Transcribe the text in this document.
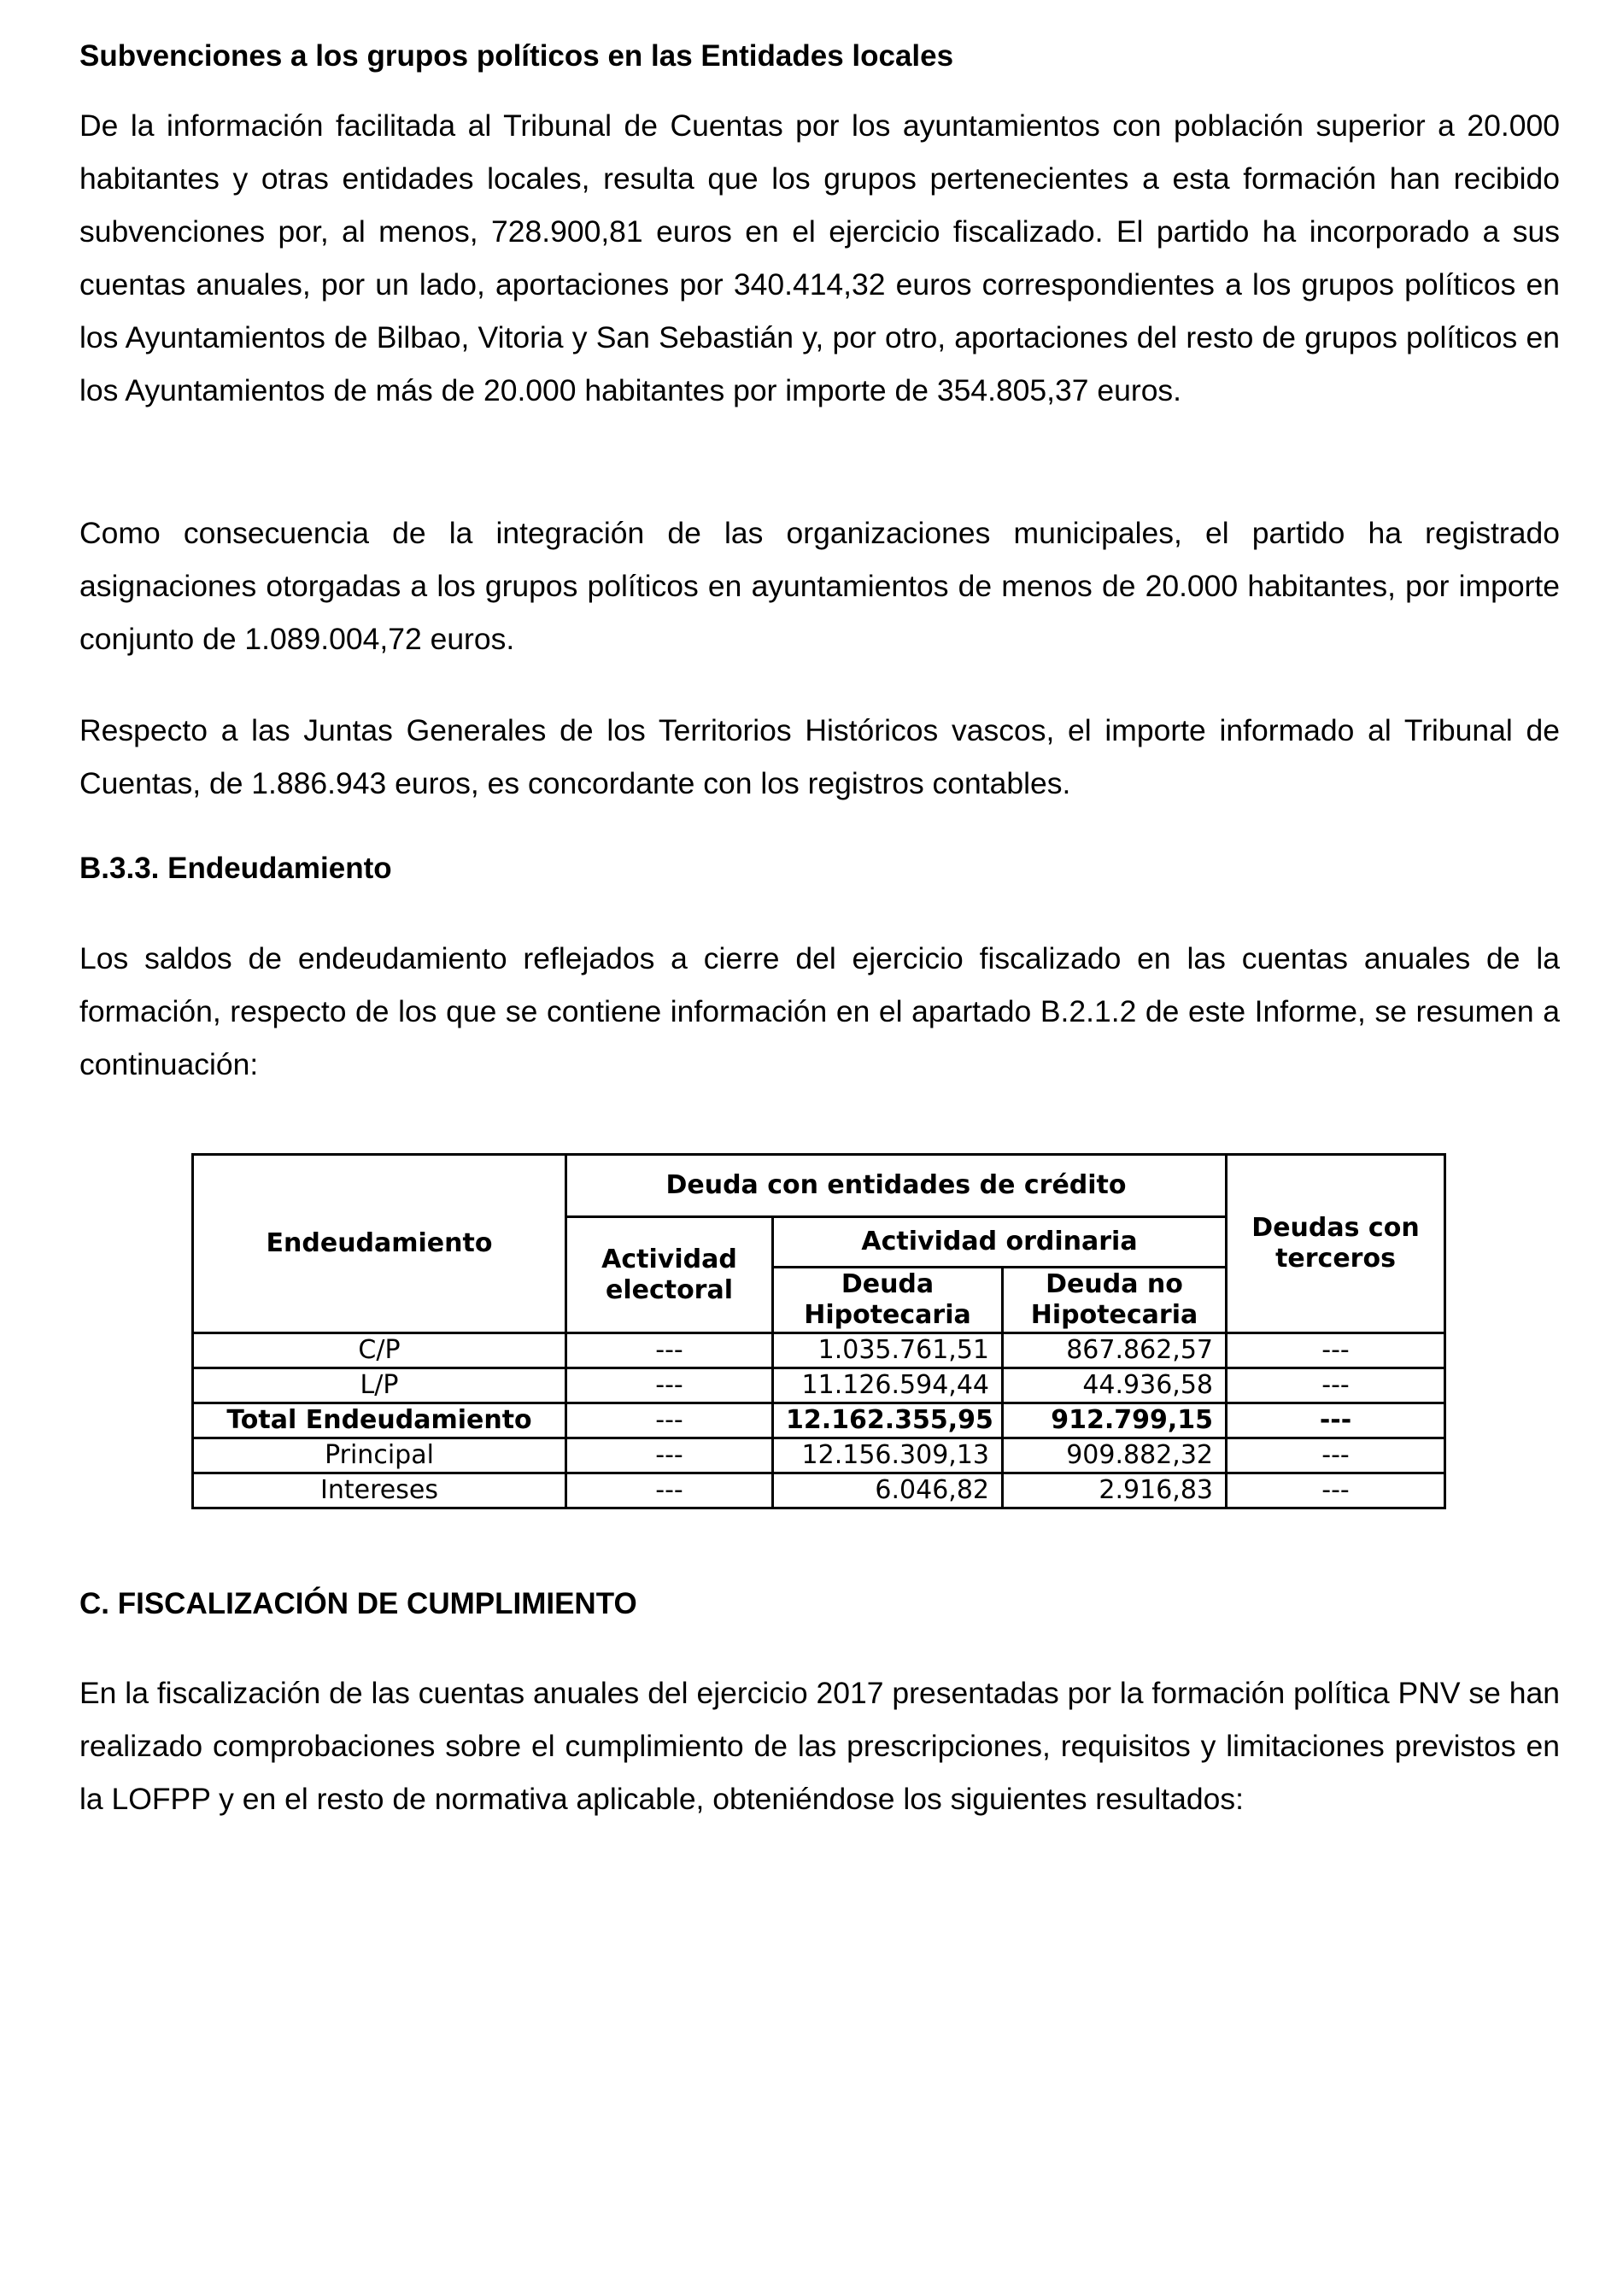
Subvenciones a los grupos políticos en las Entidades locales

De la información facilitada al Tribunal de Cuentas por los ayuntamientos con población superior a 20.000 habitantes y otras entidades locales, resulta que los grupos pertenecientes a esta formación han recibido subvenciones por, al menos, 728.900,81 euros en el ejercicio fiscalizado. El partido ha incorporado a sus cuentas anuales, por un lado, aportaciones por 340.414,32 euros correspondientes a los grupos políticos en los Ayuntamientos de Bilbao, Vitoria y San Sebastián y, por otro, aportaciones del resto de grupos políticos en los Ayuntamientos de más de 20.000 habitantes por importe de 354.805,37 euros.

Como consecuencia de la integración de las organizaciones municipales, el partido ha registrado asignaciones otorgadas a los grupos políticos en ayuntamientos de menos de 20.000 habitantes, por importe conjunto de 1.089.004,72 euros.

Respecto a las Juntas Generales de los Territorios Históricos vascos, el importe informado al Tribunal de Cuentas, de 1.886.943 euros, es concordante con los registros contables.

B.3.3. Endeudamiento

Los saldos de endeudamiento reflejados a cierre del ejercicio fiscalizado en las cuentas anuales de la formación, respecto de los que se contiene información en el apartado B.2.1.2 de este Informe, se resumen a continuación:

Endeudamiento	Deuda con entidades de crédito			Deudas con terceros
	Actividad electoral	Actividad ordinaria		
		Deuda Hipotecaria	Deuda no Hipotecaria	
C/P	---	1.035.761,51	867.862,57	---
L/P	---	11.126.594,44	44.936,58	---
Total Endeudamiento	---	12.162.355,95	912.799,15	---
Principal	---	12.156.309,13	909.882,32	---
Intereses	---	6.046,82	2.916,83	---
C. FISCALIZACIÓN DE CUMPLIMIENTO

En la fiscalización de las cuentas anuales del ejercicio 2017 presentadas por la formación política PNV se han realizado comprobaciones sobre el cumplimiento de las prescripciones, requisitos y limitaciones previstos en la LOFPP y en el resto de normativa aplicable, obteniéndose los siguientes resultados:
